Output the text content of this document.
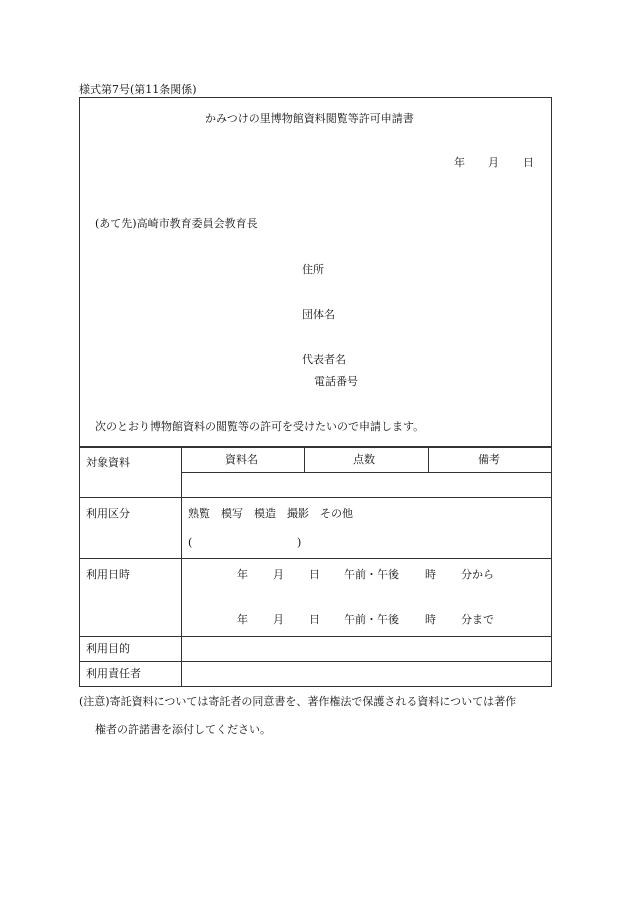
様式第7号(第11条関係)
かみつけの里博物館資料閲覧等許可申請書
年 月 日
(あて先)高崎市教育委員会教育長
住所
団体名
代表者名
電話番号
次のとおり博物館資料の閲覧等の許可を受けたいので申請します。
対象資料	資料名	点数	備考
利用区分	熟覧　模写　模造　撮影　その他
(	)
利用日時	年 月 日 午前・午後 時 分から
年 月 日 午前・午後 時 分まで
利用目的
利用責任者
(注意)寄託資料については寄託者の同意書を、著作権法で保護される資料については著作
権者の許諾書を添付してください。
